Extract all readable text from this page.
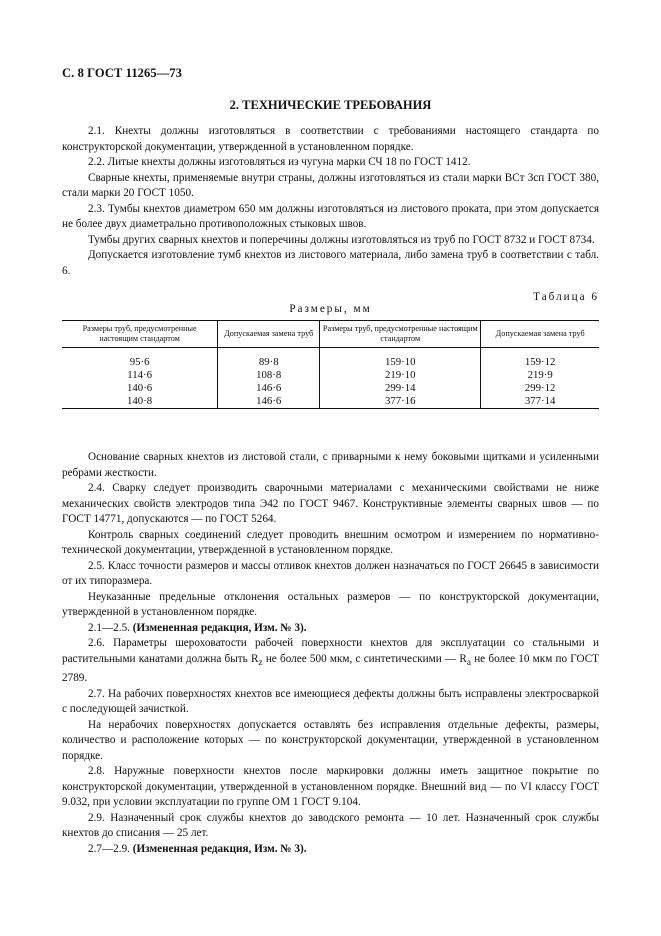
С. 8 ГОСТ 11265—73
2. ТЕХНИЧЕСКИЕ ТРЕБОВАНИЯ

2.1. Кнехты должны изготовляться в соответствии с требованиями настоящего стандарта по конструкторской документации, утвержденной в установленном порядке.

2.2. Литые кнехты должны изготовляться из чугуна марки СЧ 18 по ГОСТ 1412.

Сварные кнехты, применяемые внутри страны, должны изготовляться из стали марки ВСт 3сп ГОСТ 380, стали марки 20 ГОСТ 1050.

2.3. Тумбы кнехтов диаметром 650 мм должны изготовляться из листового проката, при этом допускается не более двух диаметрально противоположных стыковых швов.

Тумбы других сварных кнехтов и поперечины должны изготовляться из труб по ГОСТ 8732 и ГОСТ 8734.

Допускается изготовление тумб кнехтов из листового материала, либо замена труб в соответствии с табл. 6.

Таблица 6
Размеры, мм
Размеры труб, предусмотренные настоящим стандартом	Допускаемая замена труб	Размеры труб, предусмотренные настоящим стандартом	Допускаемая замена труб

95·6	89·8	159·10	159·12
114·6	108·8	219·10	219·9
140·6	146·6	299·14	299·12
140·8	146·6	377·16	377·14

Основание сварных кнехтов из листовой стали, с приварными к нему боковыми щитками и усиленными ребрами жесткости.

2.4. Сварку следует производить сварочными материалами с механическими свойствами не ниже механических свойств электродов типа Э42 по ГОСТ 9467. Конструктивные элементы сварных швов — по ГОСТ 14771, допускаются — по ГОСТ 5264.

Контроль сварных соединений следует проводить внешним осмотром и измерением по нормативно-технической документации, утвержденной в установленном порядке.

2.5. Класс точности размеров и массы отливок кнехтов должен назначаться по ГОСТ 26645 в зависимости от их типоразмера.

Неуказанные предельные отклонения остальных размеров — по конструкторской документации, утвержденной в установленном порядке.

2.1—2.5. (Измененная редакция, Изм. № 3).

2.6. Параметры шероховатости рабочей поверхности кнехтов для эксплуатации со стальными и растительными канатами должна быть $R_z$ не более 500 мкм, с синтетическими — $R_a$ не более 10 мкм по ГОСТ 2789.

2.7. На рабочих поверхностях кнехтов все имеющиеся дефекты должны быть исправлены электросваркой с последующей зачисткой.

На нерабочих поверхностях допускается оставлять без исправления отдельные дефекты, размеры, количество и расположение которых — по конструкторской документации, утвержденной в установленном порядке.

2.8. Наружные поверхности кнехтов после маркировки должны иметь защитное покрытие по конструкторской документации, утвержденной в установленном порядке. Внешний вид — по VI классу ГОСТ 9.032, при условии эксплуатации по группе ОМ 1 ГОСТ 9.104.

2.9. Назначенный срок службы кнехтов до заводского ремонта — 10 лет. Назначенный срок службы кнехтов до списания — 25 лет.

2.7—2.9. (Измененная редакция, Изм. № 3).
